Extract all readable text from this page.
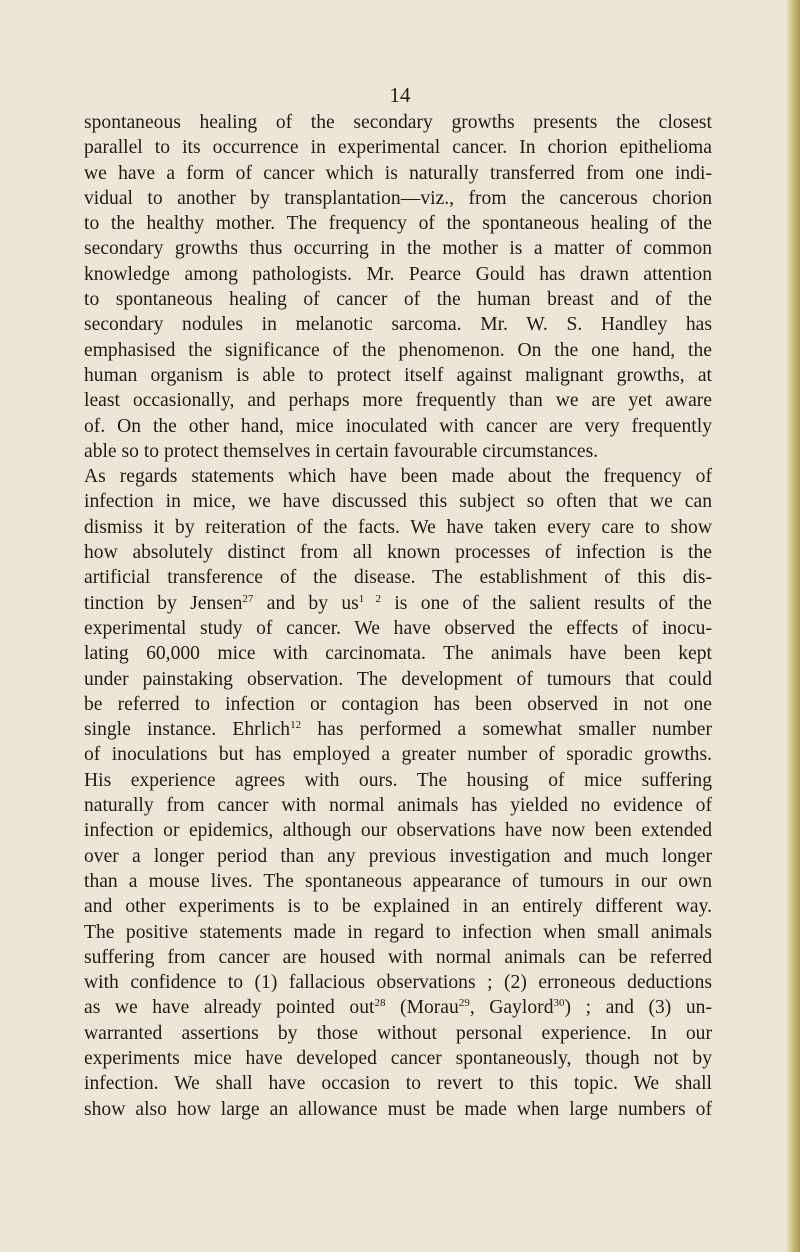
14
spontaneous healing of the secondary growths presents the closest
parallel to its occurrence in experimental cancer. In chorion epithelioma
we have a form of cancer which is naturally transferred from one indi-
vidual to another by transplantation—viz., from the cancerous chorion
to the healthy mother. The frequency of the spontaneous healing of the
secondary growths thus occurring in the mother is a matter of common
knowledge among pathologists. Mr. Pearce Gould has drawn attention
to spontaneous healing of cancer of the human breast and of the
secondary nodules in melanotic sarcoma. Mr. W. S. Handley has
emphasised the significance of the phenomenon. On the one hand, the
human organism is able to protect itself against malignant growths, at
least occasionally, and perhaps more frequently than we are yet aware
of. On the other hand, mice inoculated with cancer are very frequently
able so to protect themselves in certain favourable circumstances.
As regards statements which have been made about the frequency of
infection in mice, we have discussed this subject so often that we can
dismiss it by reiteration of the facts. We have taken every care to show
how absolutely distinct from all known processes of infection is the
artificial transference of the disease. The establishment of this dis-
tinction by Jensen$^{27}$ and by $us^{1 2}$ is one of the salient results of the
experimental study of cancer. We have observed the effects of inocu-
lating 60,000 mice with carcinomata. The animals have been kept
under painstaking observation. The development of tumours that could
be referred to infection or contagion has been observed in not one
single instance. Ehrlich$^{12}$ has performed a somewhat smaller number
of inoculations but has employed a greater number of sporadic growths.
His experience agrees with ours. The housing of mice suffering
naturally from cancer with normal animals has yielded no evidence of
infection or epidemics, although our observations have now been extended
over a longer period than any previous investigation and much longer
than a mouse lives. The spontaneous appearance of tumours in our own
and other experiments is to be explained in an entirely different way.
The positive statements made in regard to infection when small animals
suffering from cancer are housed with normal animals can be referred
with confidence to (1) fallacious observations ; (2) erroneous deductions
as we have already pointed out$^{28}$ (Morau$^{29}$, Gaylord$^{30}$) ; and (3) un-
warranted assertions by those without personal experience. In our
experiments mice have developed cancer spontaneously, though not by
infection. We shall have occasion to revert to this topic. We shall
show also how large an allowance must be made when large numbers of
